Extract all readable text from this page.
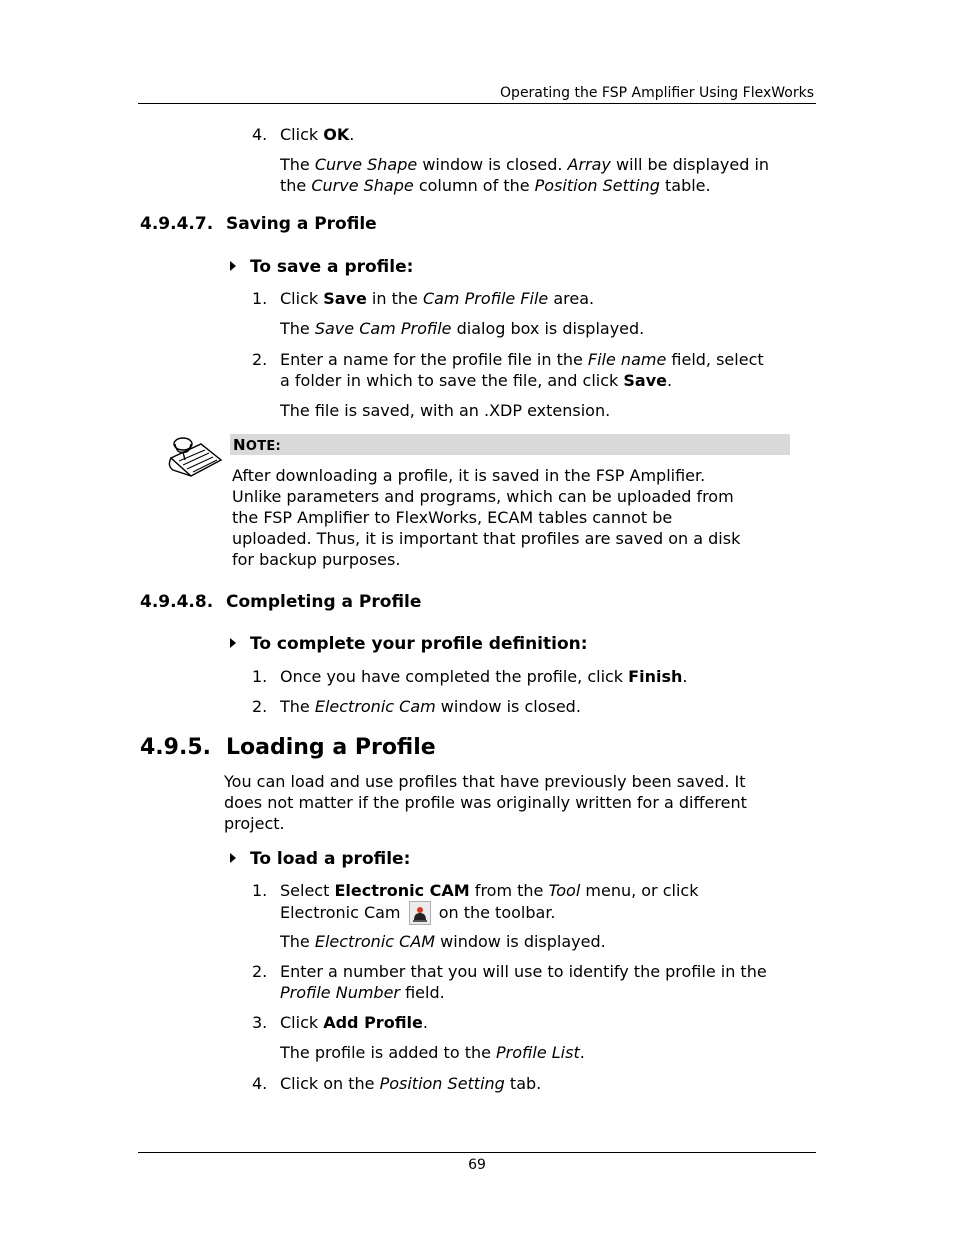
Operating the FSP Amplifier Using FlexWorks
4. Click OK.
The Curve Shape window is closed. Array will be displayed in
the Curve Shape column of the Position Setting table.
4.9.4.7. Saving a Profile
To save a profile:
1. Click Save in the Cam Profile File area.
The Save Cam Profile dialog box is displayed.
2. Enter a name for the profile file in the File name field, select
a folder in which to save the file, and click Save.
The file is saved, with an .XDP extension.
NOTE:
After downloading a profile, it is saved in the FSP Amplifier.
Unlike parameters and programs, which can be uploaded from
the FSP Amplifier to FlexWorks, ECAM tables cannot be
uploaded. Thus, it is important that profiles are saved on a disk
for backup purposes.
4.9.4.8. Completing a Profile
To complete your profile definition:
1. Once you have completed the profile, click Finish.
2. The Electronic Cam window is closed.
4.9.5. Loading a Profile
You can load and use profiles that have previously been saved. It
does not matter if the profile was originally written for a different
project.
To load a profile:
1. Select Electronic CAM from the Tool menu, or click
Electronic Cam
on the toolbar.
The Electronic CAM window is displayed.
2. Enter a number that you will use to identify the profile in the
Profile Number field.
3. Click Add Profile.
The profile is added to the Profile List.
4. Click on the Position Setting tab.
69
